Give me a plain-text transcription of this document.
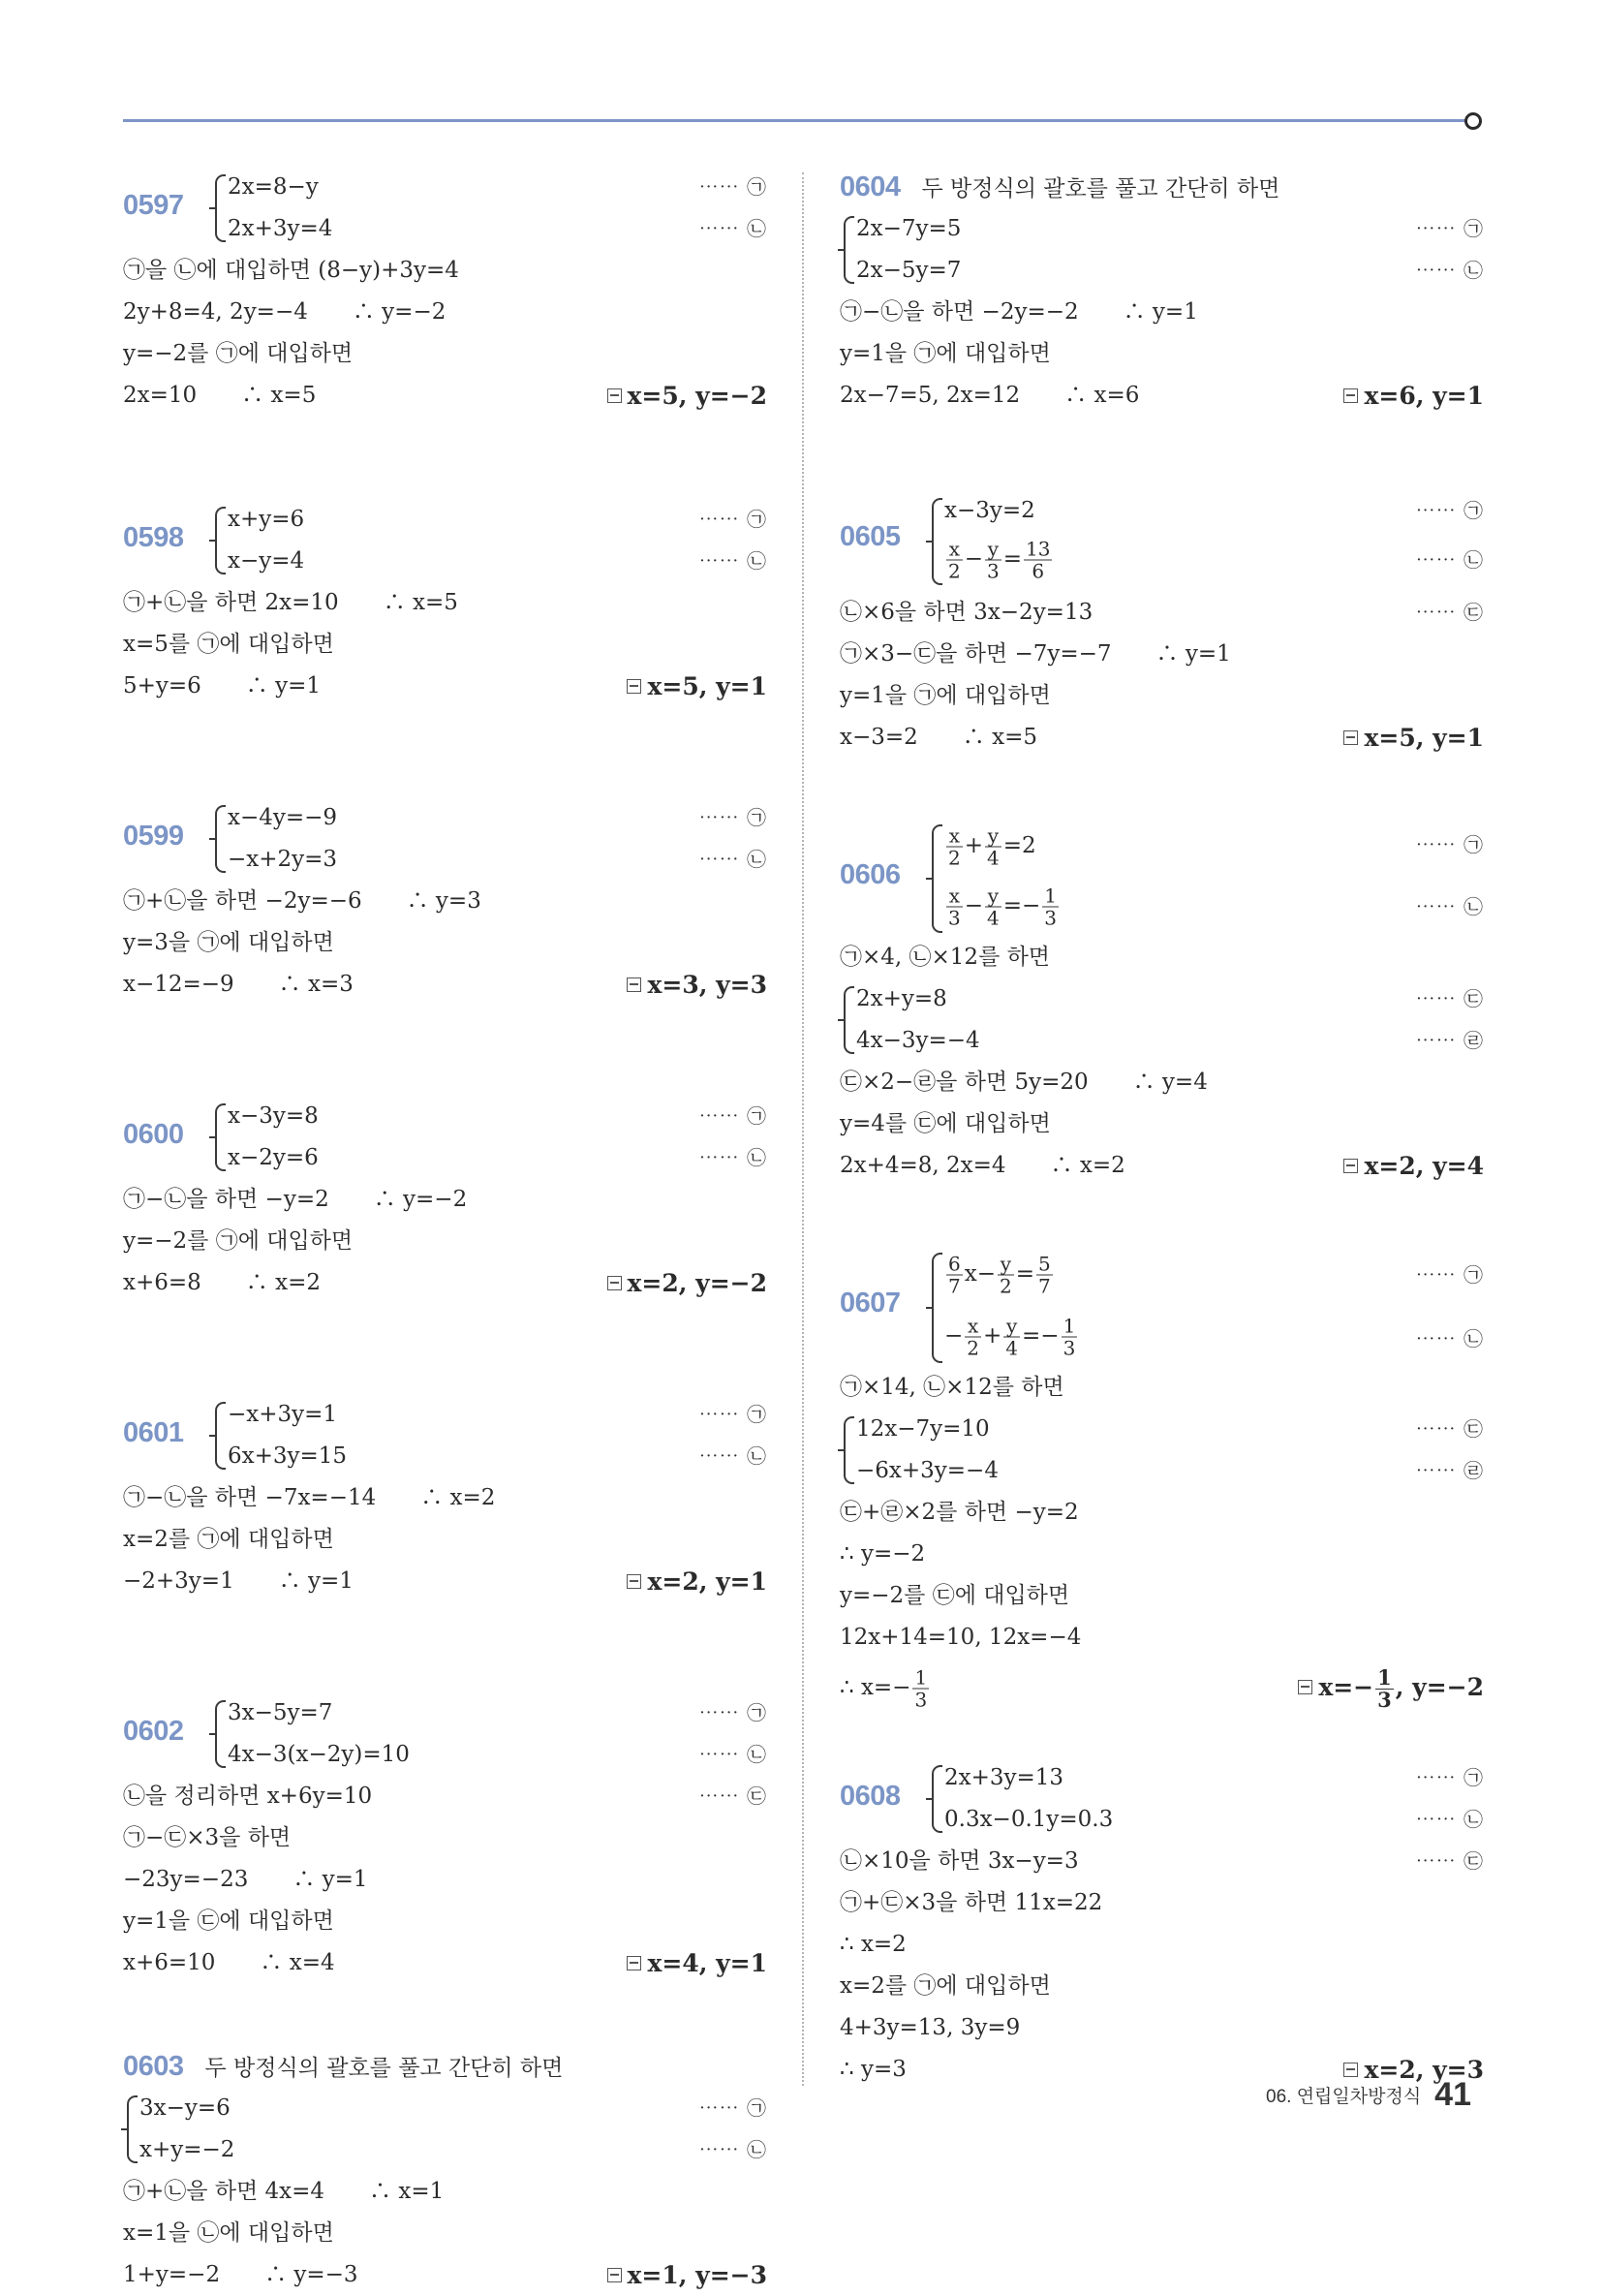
0597
2x=8−y	⋯⋯ ㉠
2x+3y=4	⋯⋯ ㉡
㉠을 ㉡에 대입하면 (8−y)+3y=4
2y+8=4, 2y=−4　　∴ y=−2
y=−2를 ㉠에 대입하면
2x=10　　∴ x=5	x=5, y=−2
0598
x+y=6	⋯⋯ ㉠
x−y=4	⋯⋯ ㉡
㉠+㉡을 하면 2x=10　　∴ x=5
x=5를 ㉠에 대입하면
5+y=6　　∴ y=1	x=5, y=1
0599
x−4y=−9	⋯⋯ ㉠
−x+2y=3	⋯⋯ ㉡
㉠+㉡을 하면 −2y=−6　　∴ y=3
y=3을 ㉠에 대입하면
x−12=−9　　∴ x=3	x=3, y=3
0600
x−3y=8	⋯⋯ ㉠
x−2y=6	⋯⋯ ㉡
㉠−㉡을 하면 −y=2　　∴ y=−2
y=−2를 ㉠에 대입하면
x+6=8　　∴ x=2	x=2, y=−2
0601
−x+3y=1	⋯⋯ ㉠
6x+3y=15	⋯⋯ ㉡
㉠−㉡을 하면 −7x=−14　　∴ x=2
x=2를 ㉠에 대입하면
−2+3y=1　　∴ y=1	x=2, y=1
0602
3x−5y=7	⋯⋯ ㉠
4x−3(x−2y)=10	⋯⋯ ㉡
㉡을 정리하면 x+6y=10	⋯⋯ ㉢
㉠−㉢×3을 하면
−23y=−23　　∴ y=1
y=1을 ㉢에 대입하면
x+6=10　　∴ x=4	x=4, y=1
0603 두 방정식의 괄호를 풀고 간단히 하면
3x−y=6	⋯⋯ ㉠
x+y=−2	⋯⋯ ㉡
㉠+㉡을 하면 4x=4　　∴ x=1
x=1을 ㉡에 대입하면
1+y=−2　　∴ y=−3	x=1, y=−3
0604 두 방정식의 괄호를 풀고 간단히 하면
2x−7y=5	⋯⋯ ㉠
2x−5y=7	⋯⋯ ㉡
㉠−㉡을 하면 −2y=−2　　∴ y=1
y=1을 ㉠에 대입하면
2x−7=5, 2x=12　　∴ x=6	x=6, y=1
0605
x−3y=2	⋯⋯ ㉠
$\frac{x}{2} - \frac{y}{3} = \frac{13}{6}$	⋯⋯ ㉡
㉡×6을 하면 3x−2y=13	⋯⋯ ㉢
㉠×3−㉢을 하면 −7y=−7　　∴ y=1
y=1을 ㉠에 대입하면
x−3=2　　∴ x=5	x=5, y=1
0606
$\frac{x}{2} + \frac{y}{4} =2$	⋯⋯ ㉠
$\frac{x}{3} - \frac{y}{4} =- \frac{1}{3}$	⋯⋯ ㉡
㉠×4, ㉡×12를 하면
2x+y=8	⋯⋯ ㉢
4x−3y=−4	⋯⋯ ㉣
㉢×2−㉣을 하면 5y=20　　∴ y=4
y=4를 ㉢에 대입하면
2x+4=8, 2x=4　　∴ x=2	x=2, y=4
0607
$\frac{6}{7} x- \frac{y}{2} = \frac{5}{7}$	⋯⋯ ㉠
− $\frac{x}{2} + \frac{y}{4} =- \frac{1}{3}$	⋯⋯ ㉡
㉠×14, ㉡×12를 하면
12x−7y=10	⋯⋯ ㉢
−6x+3y=−4	⋯⋯ ㉣
㉢+㉣×2를 하면 −y=2
∴ y=−2
y=−2를 ㉢에 대입하면
12x+14=10, 12x=−4
∴ $x=- \frac{1}{3}$	$x=- \frac{1}{3}$ , y=−2
0608
2x+3y=13	⋯⋯ ㉠
0.3x−0.1y=0.3	⋯⋯ ㉡
㉡×10을 하면 3x−y=3	⋯⋯ ㉢
㉠+㉢×3을 하면 11x=22
∴ x=2
x=2를 ㉠에 대입하면
4+3y=13, 3y=9
∴ y=3	x=2, y=3
06. 연립일차방정식 41
